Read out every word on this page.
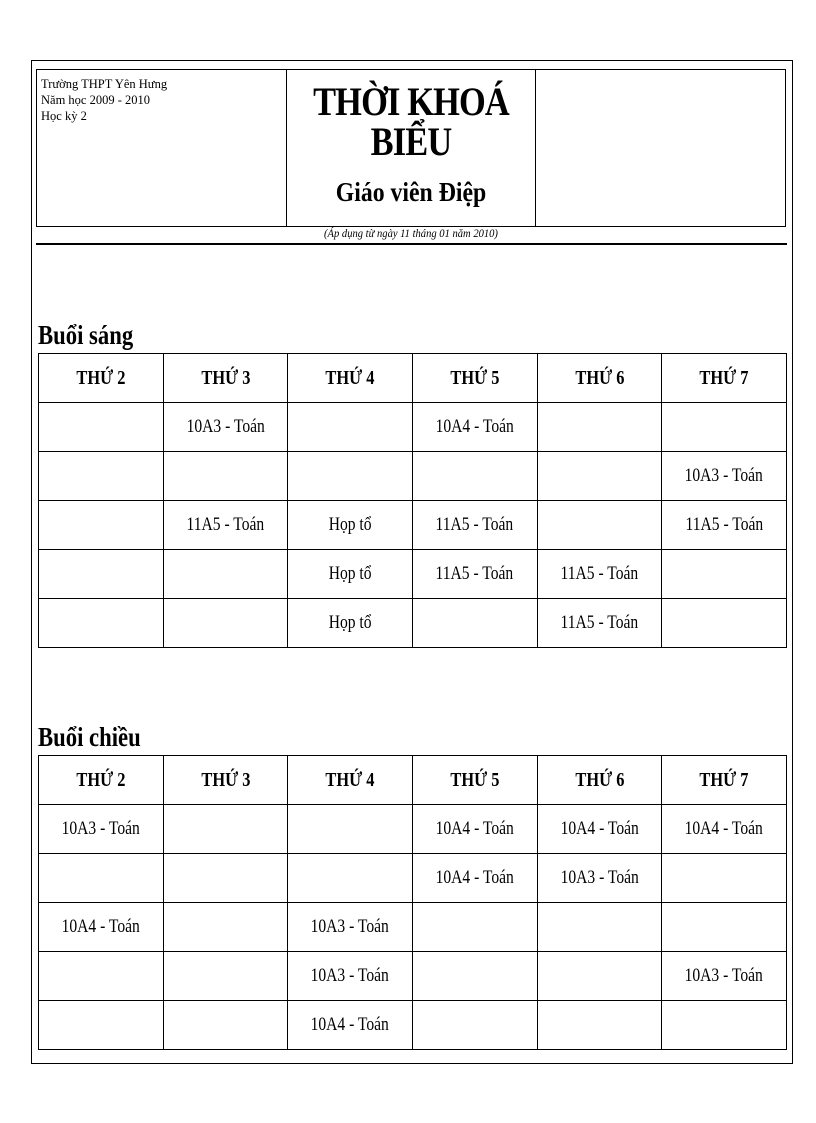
Trường THPT Yên Hưng
Năm học 2009 - 2010
Học kỳ 2	THỜI KHOÁ BIỂU
Giáo viên Điệp
(Áp dụng từ ngày 11 tháng 01 năm 2010)
Buổi sáng
THỨ 2	THỨ 3	THỨ 4	THỨ 5	THỨ 6	THỨ 7
	10A3 - Toán		10A4 - Toán		
					10A3 - Toán
	11A5 - Toán	Họp tổ	11A5 - Toán		11A5 - Toán
		Họp tổ	11A5 - Toán	11A5 - Toán	
		Họp tổ		11A5 - Toán	
Buổi chiều
THỨ 2	THỨ 3	THỨ 4	THỨ 5	THỨ 6	THỨ 7
10A3 - Toán			10A4 - Toán	10A4 - Toán	10A4 - Toán
			10A4 - Toán	10A3 - Toán	
10A4 - Toán		10A3 - Toán			
		10A3 - Toán			10A3 - Toán
		10A4 - Toán			
